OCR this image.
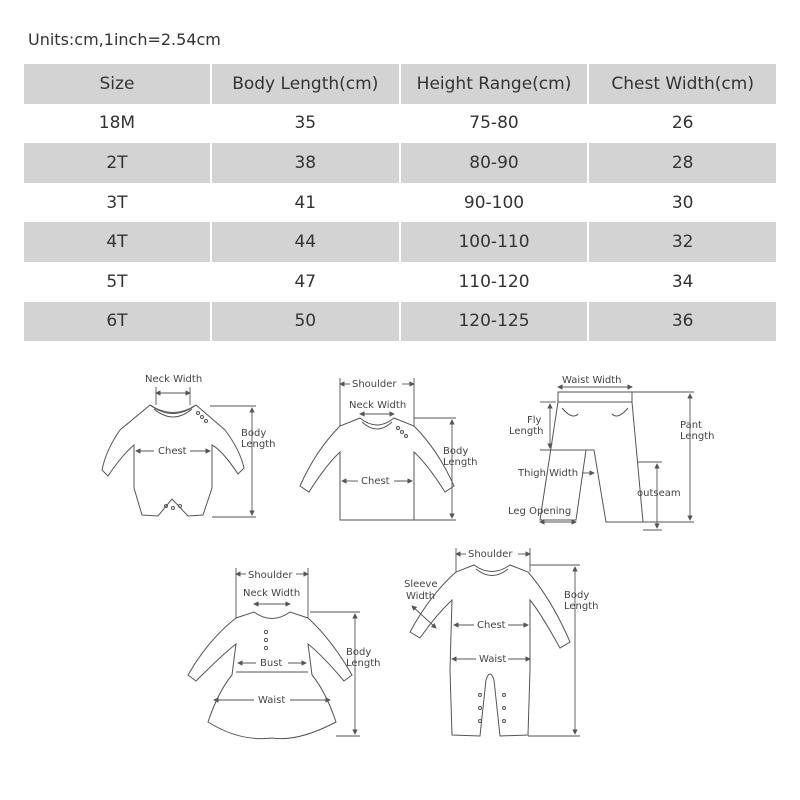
Units:cm,1inch=2.54cm
Size	Body Length(cm)	Height Range(cm)	Chest Width(cm)
18M	35	75-80	26
2T	38	80-90	28
3T	41	90-100	30
4T	44	100-110	32
5T	47	110-120	34
6T	50	120-125	36
Neck Width
Chest
Body
Length
Shoulder
Neck Width
Chest
Body
Length
Waist Width
Fly
Length
Pant
Length
Thigh Width
outseam
Leg Opening
Shoulder
Neck Width
Bust
Waist
Body
Length
Shoulder
Sleeve
Width
Chest
Waist
Body
Length
